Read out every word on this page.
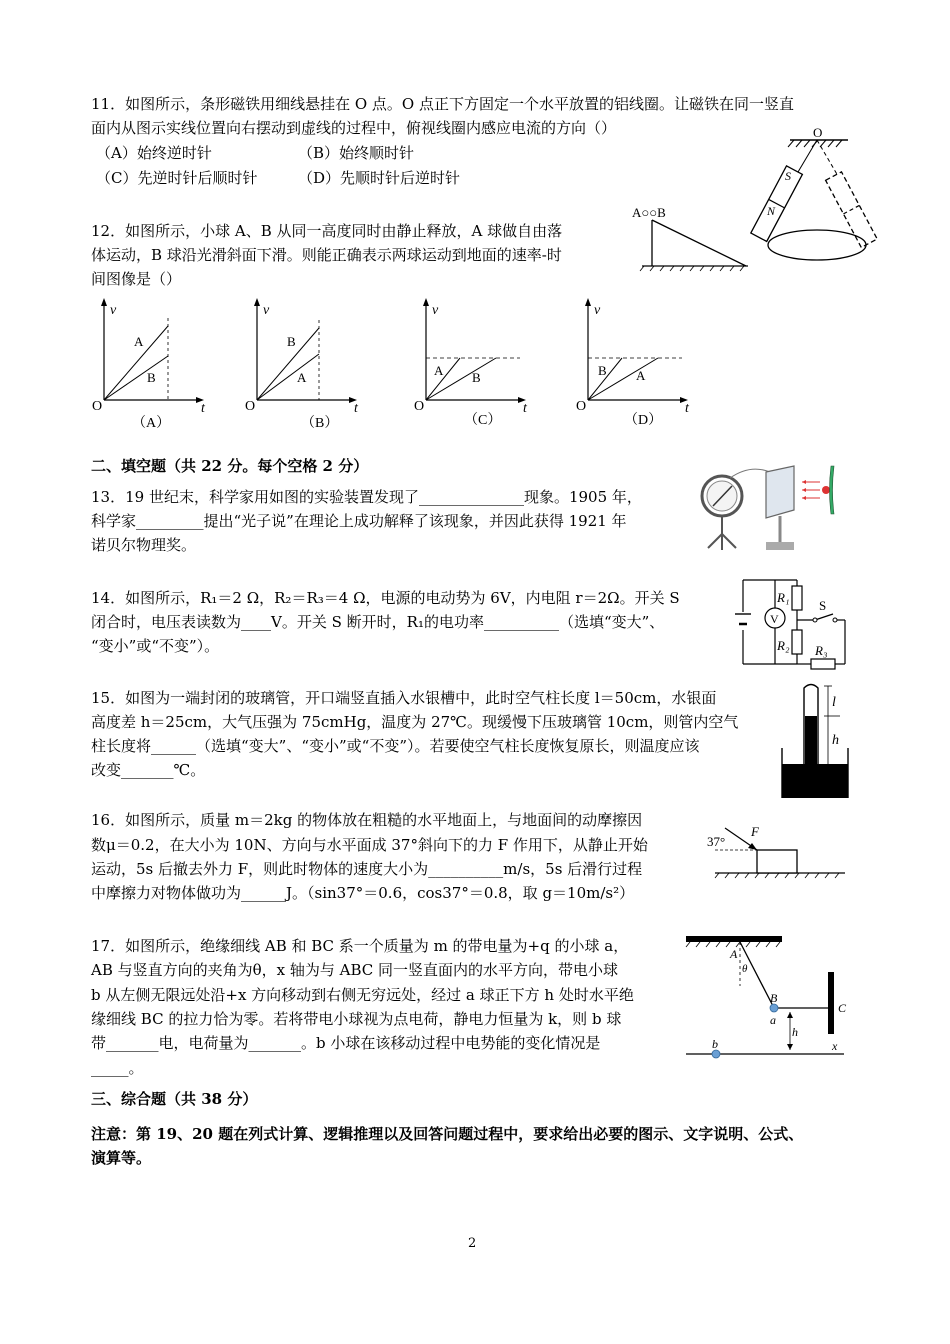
11．如图所示，条形磁铁用细线悬挂在 O 点。O 点正下方固定一个水平放置的铝线圈。让磁铁在同一竖直
面内从图示实线位置向右摆动到虚线的过程中，俯视线圈内感应电流的方向（）
（A）始终逆时针	（B）始终顺时针
（C）先逆时针后顺时针	（D）先顺时针后逆时针
O
S
N
12．如图所示，小球 A、B 从同一高度同时由静止释放，A 球做自由落
体运动，B 球沿光滑斜面下滑。则能正确表示两球运动到地面的速率-时
间图像是（）
A○○B
v
t
O
A
B
（A）
v
t
O
B
A
（B）
v
t
O
A B
（C）
v
t
O
B A
（D）
二、填空题（共 22 分。每个空格 2 分）
13．19 世纪末，科学家用如图的实验装置发现了______________现象。1905 年，
科学家_________提出“光子说”在理论上成功解释了该现象，并因此获得 1921 年
诺贝尔物理奖。
14．如图所示，R₁＝2 Ω，R₂＝R₃＝4 Ω，电源的电动势为 6V，内电阻 r＝2Ω。开关 S
闭合时，电压表读数为____V。开关 S 断开时，R₁的电功率__________（选填“变大”、
“变小”或“不变”）。
V
R₁
R₂
S
R₃
15．如图为一端封闭的玻璃管，开口端竖直插入水银槽中，此时空气柱长度 l＝50cm，水银面
高度差 h＝25cm，大气压强为 75cmHg，温度为 27℃。现缓慢下压玻璃管 10cm，则管内空气
柱长度将______（选填“变大”、“变小”或“不变”）。若要使空气柱长度恢复原长，则温度应该
改变_______℃。
l
h
16．如图所示，质量 m＝2kg 的物体放在粗糙的水平地面上，与地面间的动摩擦因
数μ＝0.2，在大小为 10N、方向与水平面成 37°斜向下的力 F 作用下，从静止开始
运动，5s 后撤去外力 F，则此时物体的速度大小为__________m/s，5s 后滑行过程
中摩擦力对物体做功为______J。（sin37°＝0.6，cos37°＝0.8，取 g＝10m/s²）
37°
F
17．如图所示，绝缘细线 AB 和 BC 系一个质量为 m 的带电量为+q 的小球 a，
AB 与竖直方向的夹角为θ，x 轴为与 ABC 同一竖直面内的水平方向，带电小球
b 从左侧无限远处沿+x 方向移动到右侧无穷远处，经过 a 球正下方 h 处时水平绝
缘细线 BC 的拉力恰为零。若将带电小球视为点电荷，静电力恒量为 k，则 b 球
带_______电，电荷量为_______。b 小球在该移动过程中电势能的变化情况是
_____。
A
θ
B
a
C
h
b	x
三、综合题（共 38 分）
注意：第 19、20 题在列式计算、逻辑推理以及回答问题过程中，要求给出必要的图示、文字说明、公式、
演算等。
2
